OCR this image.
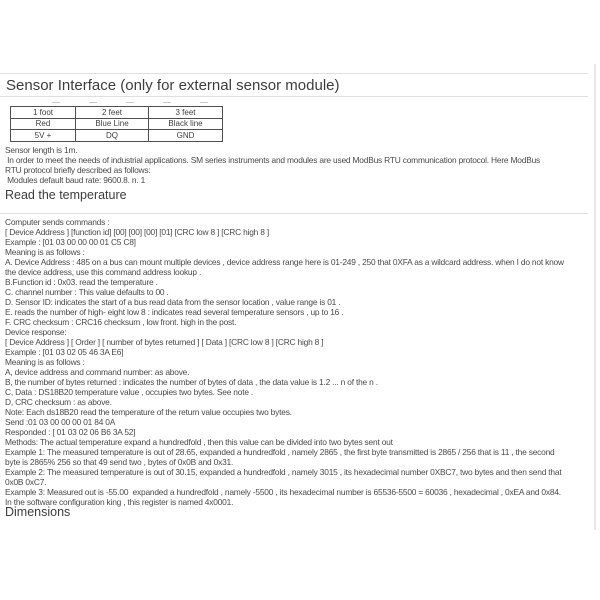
Sensor Interface (only for external sensor module)
1 foot	2 feet	3 feet
Red	Blue Line	Black line
5V +	DQ	GND
Sensor length is 1m.
In order to meet the needs of industrial applications. SM series instruments and modules are used ModBus RTU communication protocol. Here ModBus
RTU protocol briefly described as follows:
Modules default baud rate: 9600.8. n. 1
Read the temperature
Computer sends commands :
[ Device Address ] [function id] [00] [00] [00] [01] [CRC low 8 ] [CRC high 8 ]
Example : [01 03 00 00 00 01 C5 C8]
Meaning is as follows :
A. Device Address : 485 on a bus can mount multiple devices , device address range here is 01-249 , 250 that 0XFA as a wildcard address. when I do not know
the device address, use this command address lookup .
B.Function id : 0x03. read the temperature .
C. channel number : This value defaults to 00 .
D. Sensor ID: indicates the start of a bus read data from the sensor location , value range is 01 .
E. reads the number of high- eight low 8 : indicates read several temperature sensors , up to 16 .
F. CRC checksum : CRC16 checksum , low front. high in the post.
Device response:
[ Device Address ] [ Order ] [ number of bytes returned ] [ Data ] [CRC low 8 ] [CRC high 8 ]
Example : [01 03 02 05 46 3A E6]
Meaning is as follows :
A, device address and command number: as above.
B, the number of bytes returned : indicates the number of bytes of data , the data value is 1.2 ... n of the n .
C, Data : DS18B20 temperature value , occupies two bytes. See note .
D, CRC checksum : as above.
Note: Each ds18B20 read the temperature of the return value occupies two bytes.
Send :01 03 00 00 00 01 84 0A
Responded : [ 01 03 02 06 B6 3A 52]
Methods: The actual temperature expand a hundredfold , then this value can be divided into two bytes sent out
Example 1: The measured temperature is out of 28.65, expanded a hundredfold , namely 2865 , the first byte transmitted is 2865 / 256 that is 11 , the second
byte is 2865% 256 so that 49 send two , bytes of 0x0B and 0x31.
Example 2: The measured temperature is out of 30.15, expanded a hundredfold , namely 3015 , its hexadecimal number 0XBC7, two bytes and then send that
0x0B 0xC7.
Example 3: Measured out is -55.00  expanded a hundredfold , namely -5500 , its hexadecimal number is 65536-5500 = 60036 , hexadecimal , 0xEA and 0x84.
In the software configuration king , this register is named 4x0001.
Dimensions
